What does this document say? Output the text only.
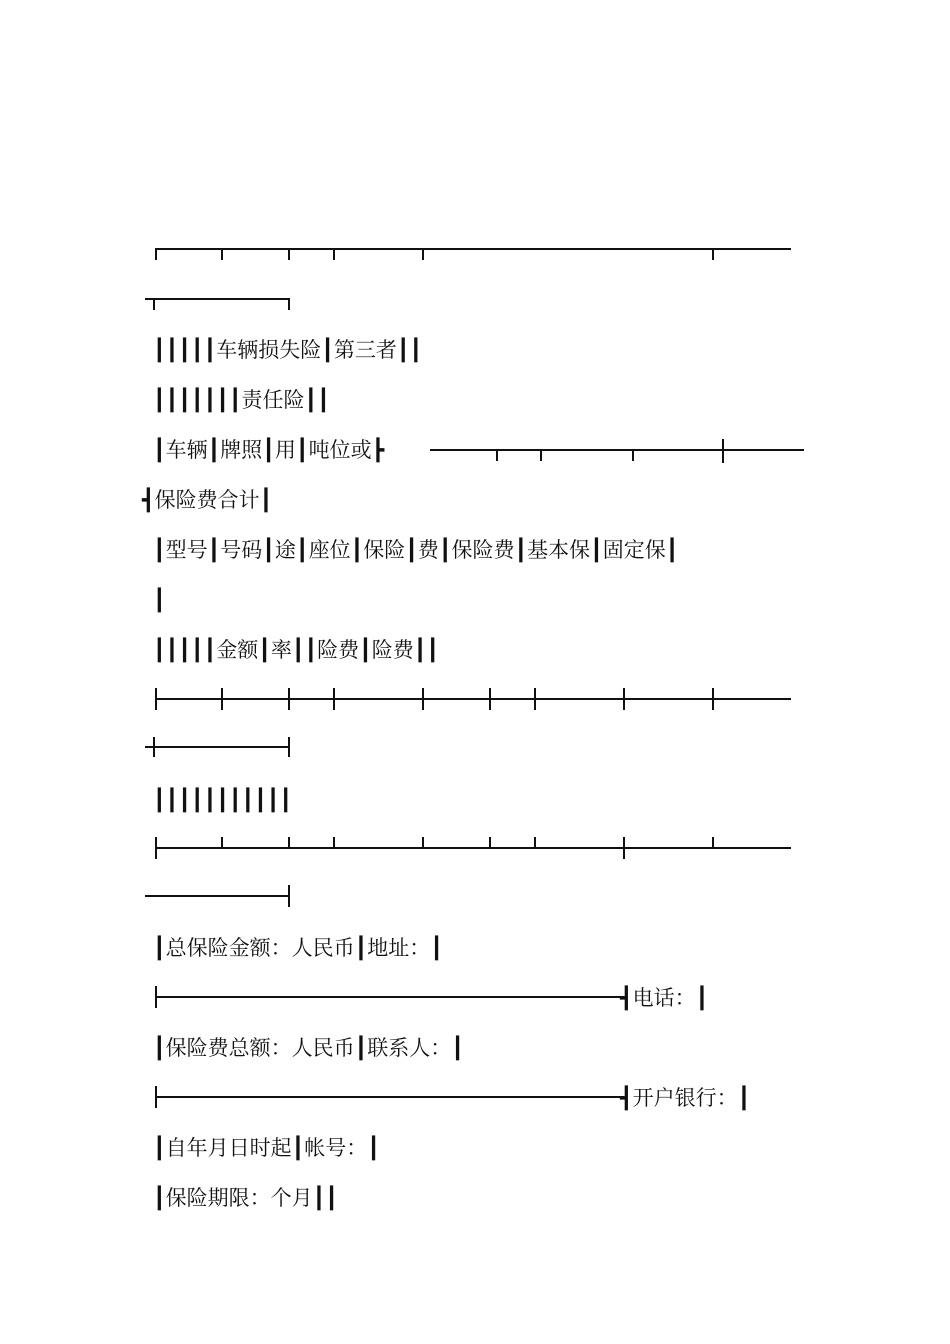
┃┃┃┃┃车辆损失险┃第三者┃┃
┃┃┃┃┃┃┃责任险┃┃
┃车辆┃牌照┃用┃吨位或┣
┫保险费合计┃
┃型号┃号码┃途┃座位┃保险┃费┃保险费┃基本保┃固定保┃
┃
┃┃┃┃┃金额┃率┃┃险费┃险费┃┃
┃┃┃┃┃┃┃┃┃┃┃
┃总保险金额：人民币┃地址：┃
┫电话：┃
┃保险费总额：人民币┃联系人：┃
┫开户银行：┃
┃自年月日时起┃帐号：┃
┃保险期限：个月┃┃
